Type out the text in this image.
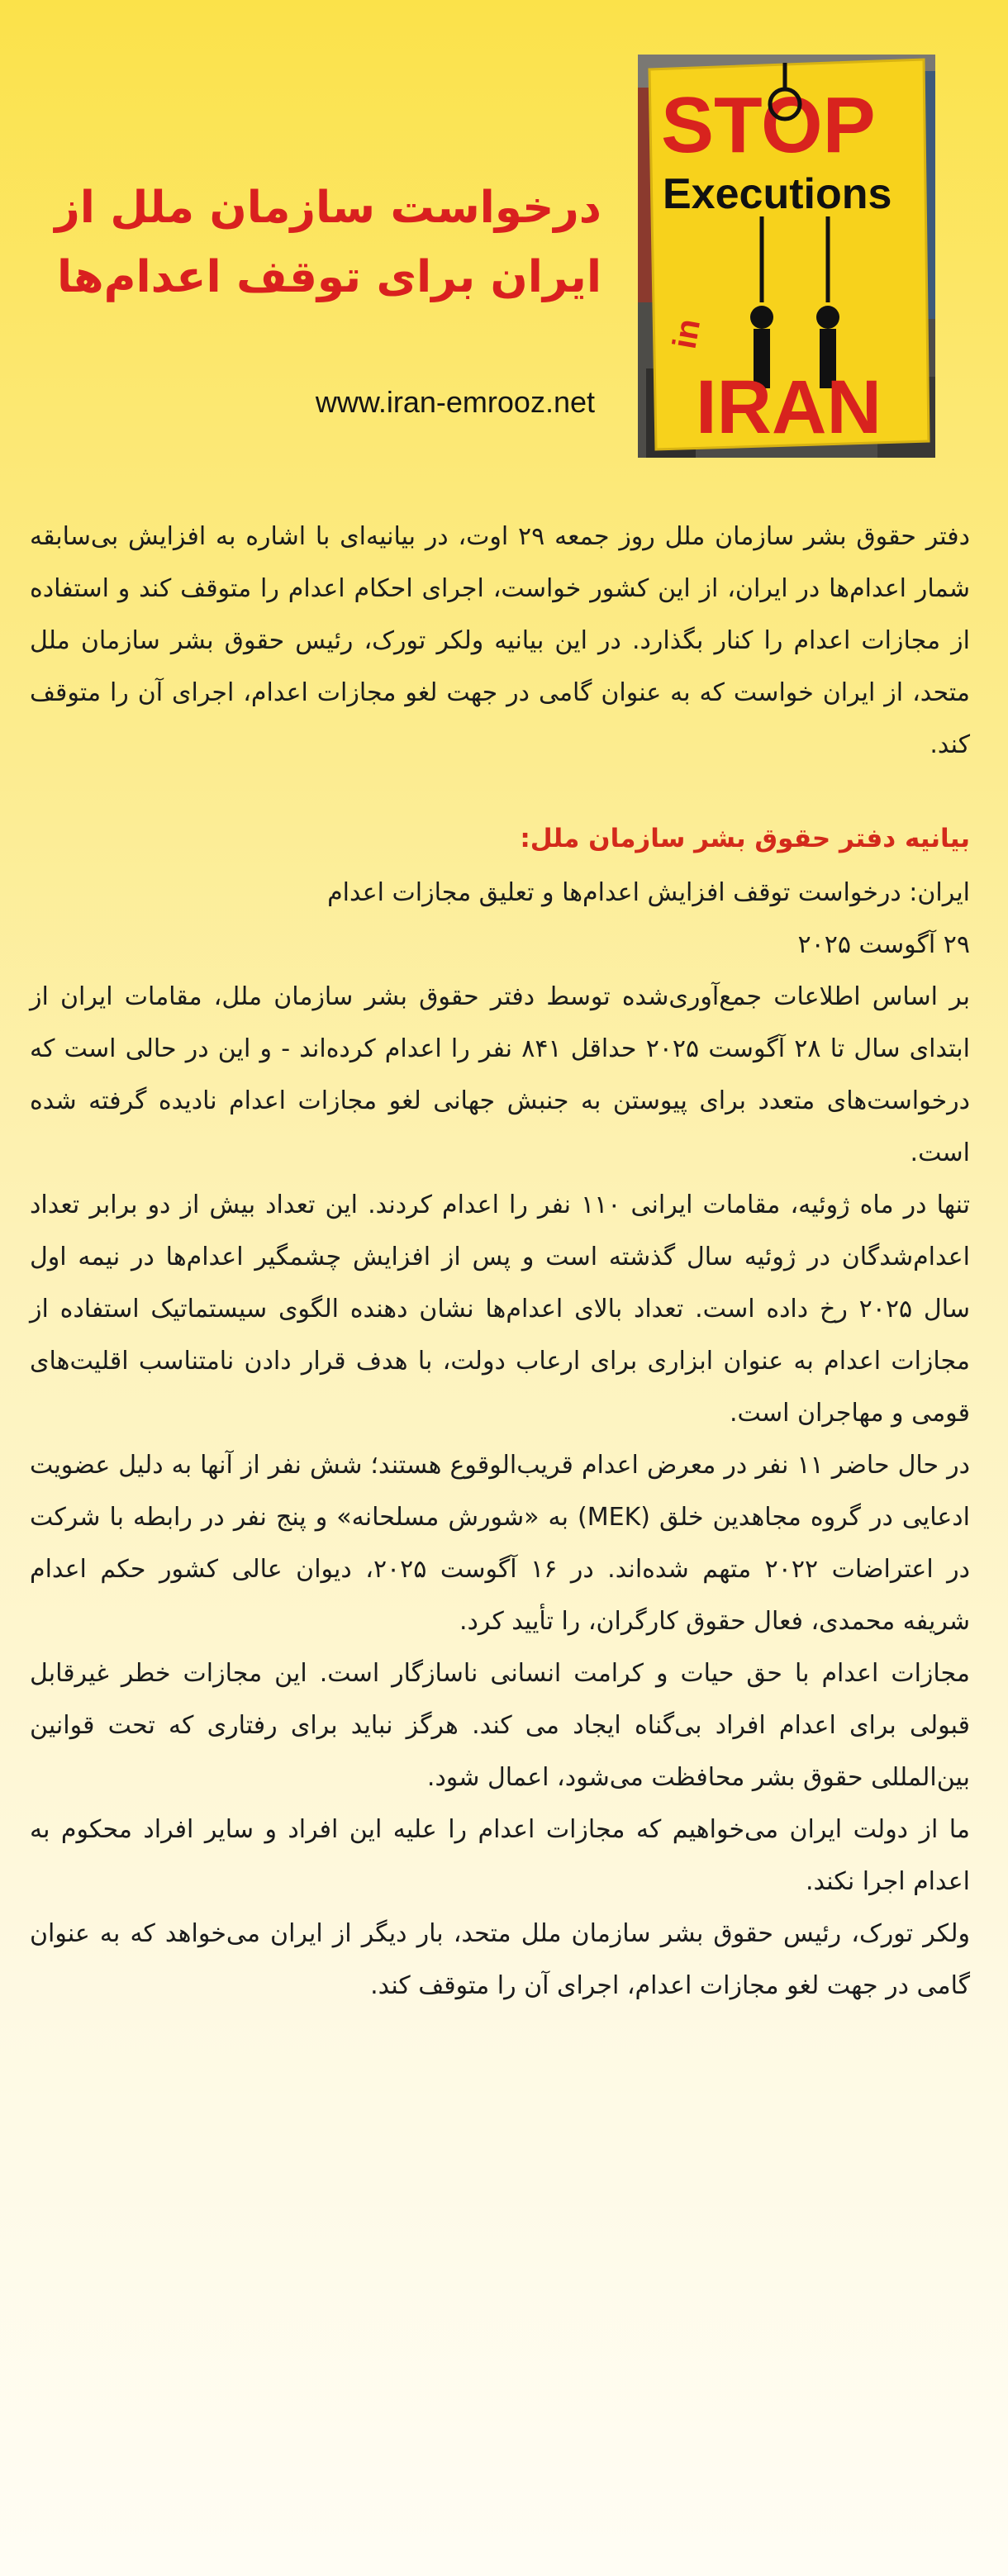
STOP
Executions
in
IRAN
درخواست سازمان ملل از
ایران برای توقف اعدام‌ها
www.iran-emrooz.net

دفتر حقوق بشر سازمان ملل روز جمعه ۲۹ اوت، در بیانیه‌ای با اشاره به افزایش بی‌سابقه شمار اعدام‌ها در ایران، از این کشور خواست، اجرای احکام اعدام را متوقف کند و استفاده از مجازات اعدام را کنار بگذارد. در این بیانیه ولکر تورک، رئیس حقوق بشر سازمان ملل متحد، از ایران خواست که به عنوان گامی در جهت لغو مجازات اعدام، اجرای آن را متوقف کند.

بیانیه دفتر حقوق بشر سازمان ملل:

ایران: درخواست توقف افزایش اعدام‌ها و تعلیق مجازات اعدام

۲۹ آگوست ۲۰۲۵

بر اساس اطلاعات جمع‌آوری‌شده توسط دفتر حقوق بشر سازمان ملل، مقامات ایران از ابتدای سال تا ۲۸ آگوست ۲۰۲۵ حداقل ۸۴۱ نفر را اعدام کرده‌اند - و این در حالی است که درخواست‌های متعدد برای پیوستن به جنبش جهانی لغو مجازات اعدام نادیده گرفته شده است.

تنها در ماه ژوئیه، مقامات ایرانی ۱۱۰ نفر را اعدام کردند. این تعداد بیش از دو برابر تعداد اعدام‌شدگان در ژوئیه سال گذشته است و پس از افزایش چشمگیر اعدام‌ها در نیمه اول سال ۲۰۲۵ رخ داده است. تعداد بالای اعدام‌ها نشان دهنده الگوی سیستماتیک استفاده از مجازات اعدام به عنوان ابزاری برای ارعاب دولت، با هدف قرار دادن نامتناسب اقلیت‌های قومی و مهاجران است.

در حال حاضر ۱۱ نفر در معرض اعدام قریب‌الوقوع هستند؛ شش نفر از آنها به دلیل عضویت ادعایی در گروه مجاهدین خلق (MEK) به «شورش مسلحانه» و پنج نفر در رابطه با شرکت در اعتراضات ۲۰۲۲ متهم شده‌اند. در ۱۶ آگوست ۲۰۲۵، دیوان عالی کشور حکم اعدام شریفه محمدی، فعال حقوق کارگران، را تأیید کرد.

مجازات اعدام با حق حیات و کرامت انسانی ناسازگار است. این مجازات خطر غیرقابل قبولی برای اعدام افراد بی‌گناه ایجاد می کند. هرگز نباید برای رفتاری که تحت قوانین بین‌المللی حقوق بشر محافظت می‌شود، اعمال شود.

ما از دولت ایران می‌خواهیم که مجازات اعدام را علیه این افراد و سایر افراد محکوم به اعدام اجرا نکند.

ولکر تورک، رئیس حقوق بشر سازمان ملل متحد، بار دیگر از ایران می‌خواهد که به عنوان گامی در جهت لغو مجازات اعدام، اجرای آن را متوقف کند.
